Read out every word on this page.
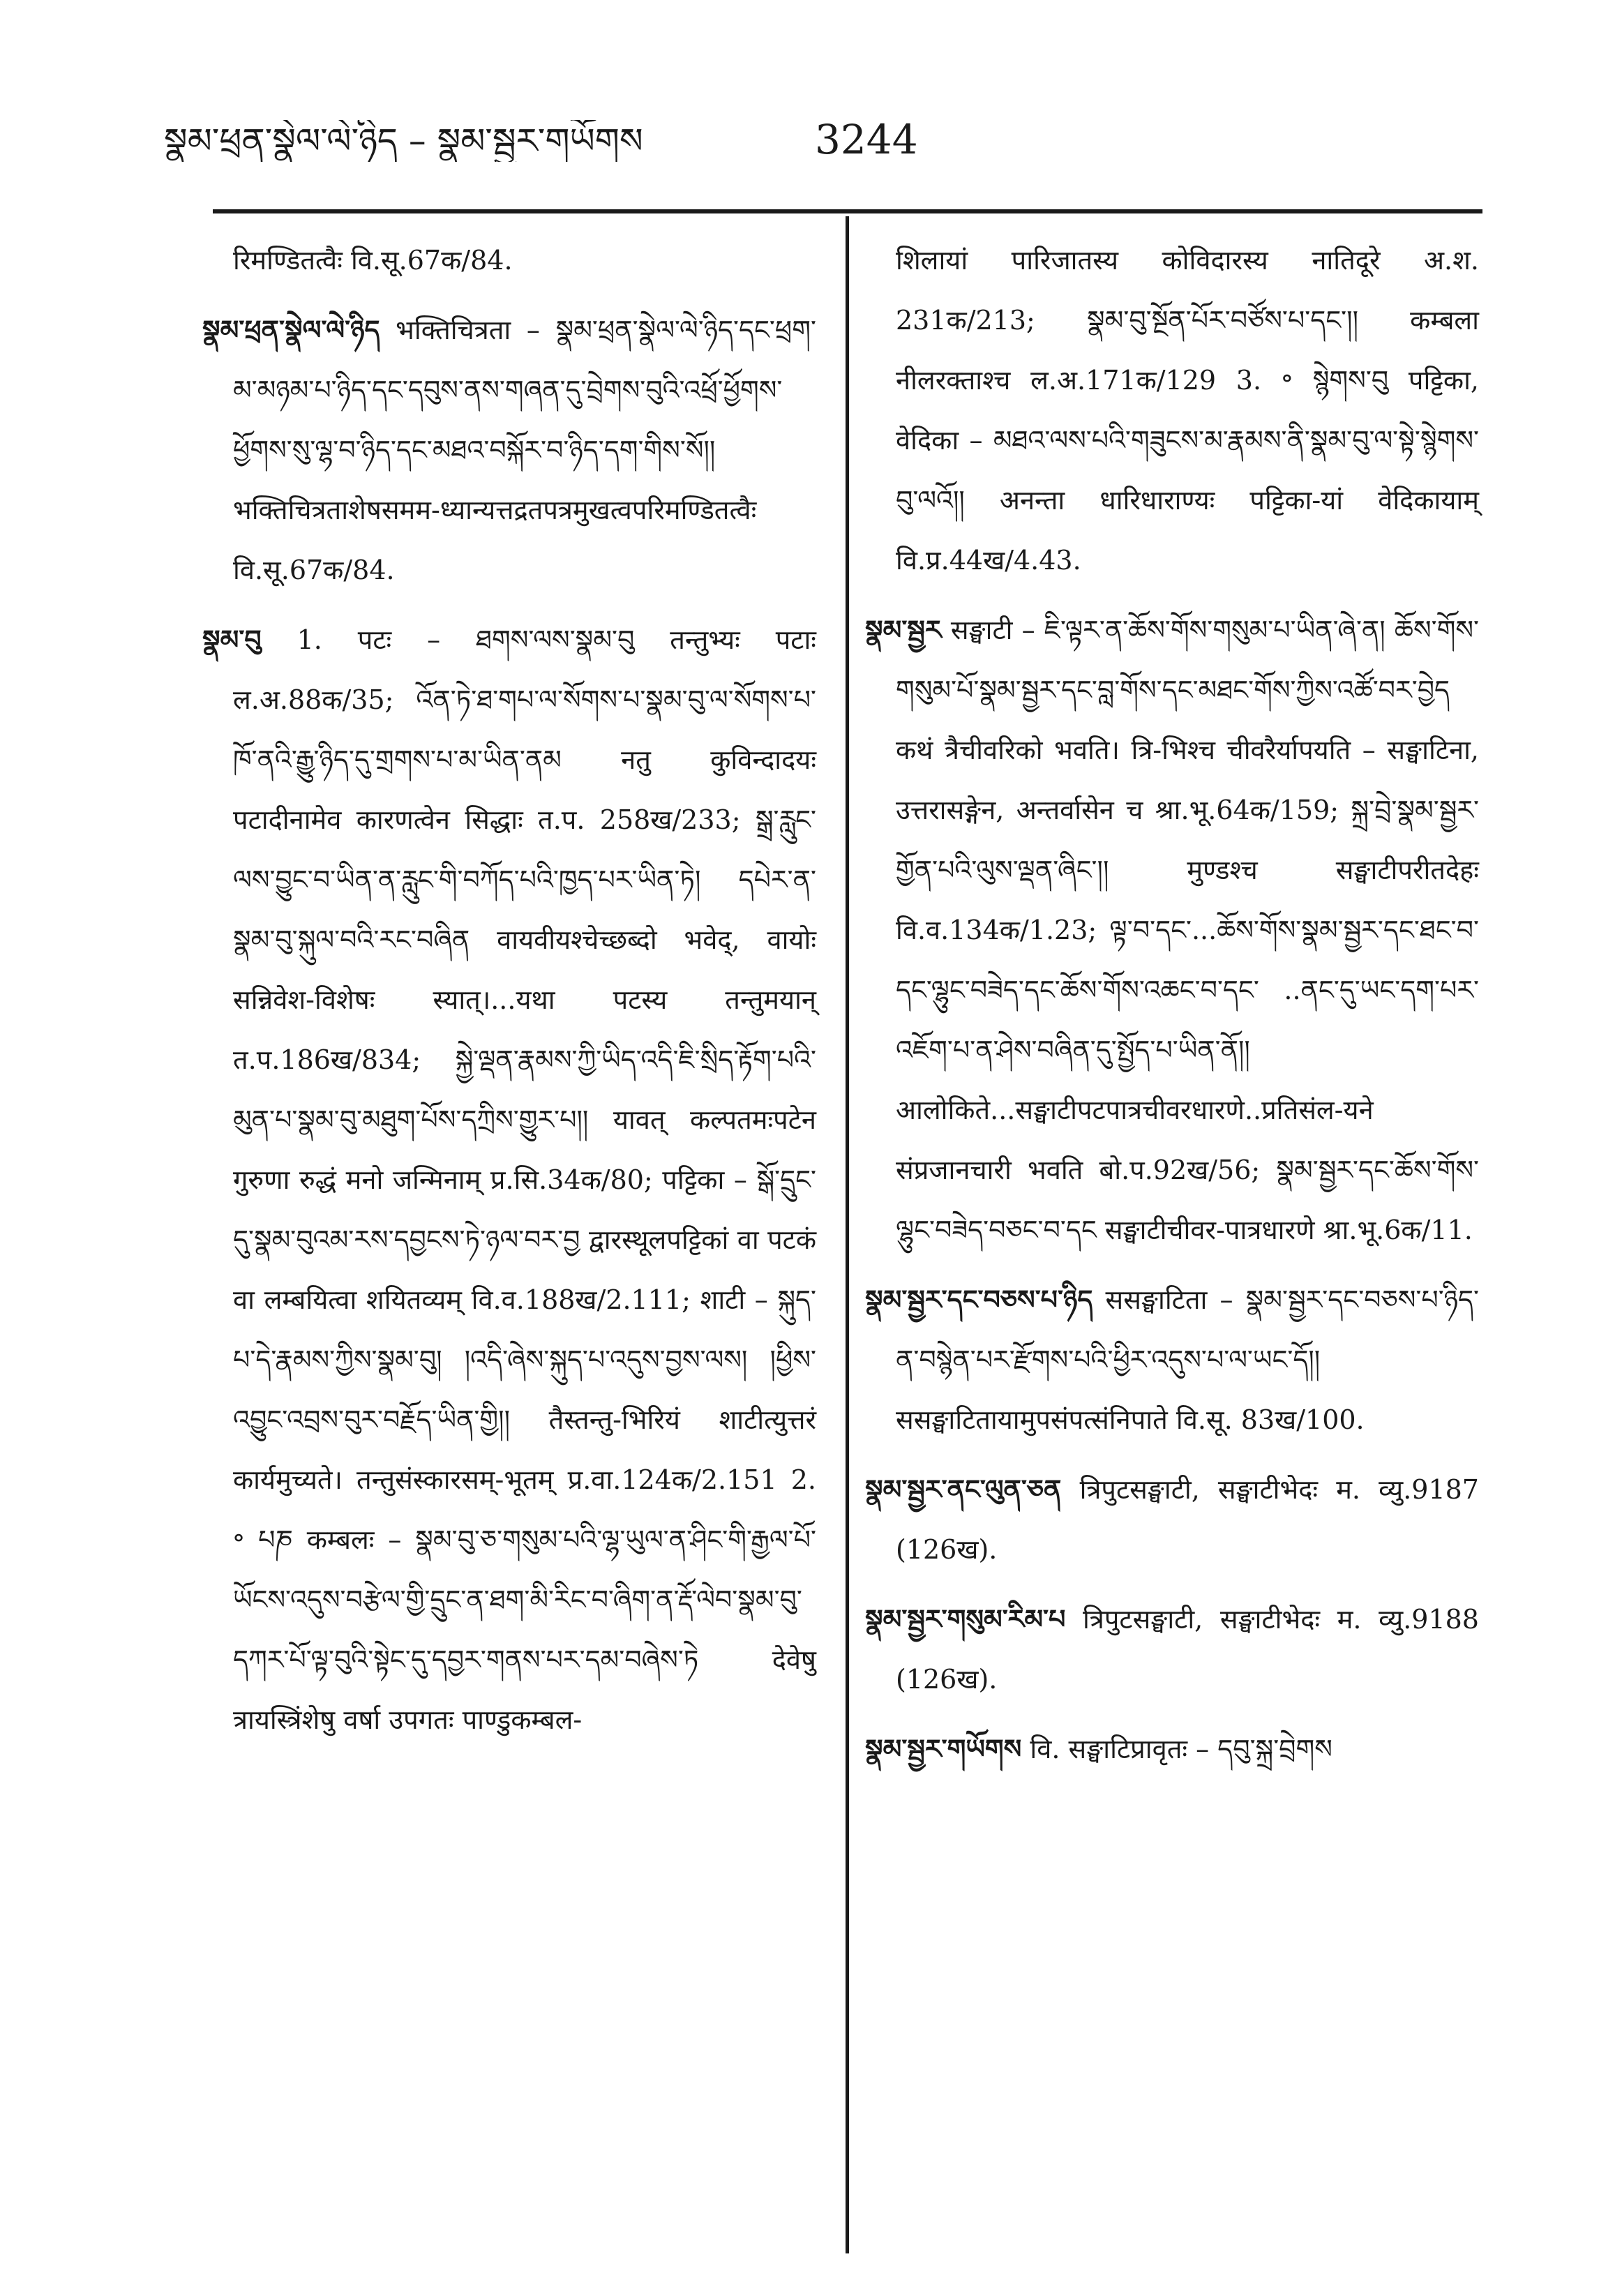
སྣམ་ཕྲན་སྣེལ་ལེ་ཉིད – སྣམ་སྦྱར་གཡོགས	3244

रिमण्डितत्वैः वि.सू.67क/84.

སྣམ་ཕྲན་སྣེལ་ལེ་ཉིད भक्तिचित्रता – སྣམ་ཕྲན་སྣེལ་ལེ་ཉིད་དང་ཕྲག་མ་མཉམ་པ་ཉིད་དང་དབུས་ནས་གཞན་དུ་བྲེགས་བུའི་འཕྲོ་ཕྱོགས་ཕྱོགས་སུ་ལྷ་བ་ཉིད་དང་མཐའ་བསྐོར་བ་ཉིད་དག་གིས་སོ།། भक्तिचित्रताशेषसमम-ध्यान्यत्तद्रतपत्रमुखत्वपरिमण्डितत्वैः वि.सू.67क/84.

སྣམ་བུ 1. पटः – ཐགས་ལས་སྣམ་བུ तन्तुभ्यः पटाः ल.अ.88क/35; འོན་ཏེ་ཐ་གཔ་ལ་སོགས་པ་སྣམ་བུ་ལ་སོགས་པ་ཁོ་ནའི་རྒྱུ་ཉིད་དུ་གྲགས་པ་མ་ཡིན་ནམ नतु कुविन्दादयः पटादीनामेव कारणत्वेन सिद्धाः त.प. 258ख/233; སྒྲ་རླུང་ལས་བྱུང་བ་ཡིན་ན་རླུང་གི་བཀོད་པའི་ཁྱད་པར་ཡིན་ཏེ། དཔེར་ན་སྣམ་བུ་སྐུལ་བའི་རང་བཞིན वायवीयश्चेच्छब्दो भवेद्, वायोः सन्निवेश-विशेषः स्यात्।...यथा पटस्य तन्तुमयान् त.प.186ख/834; སྐྱེ་ལྡན་རྣམས་ཀྱི་ཡིད་འདི་ཇི་སྲིད་རྟོག་པའི་མུན་པ་སྣམ་བུ་མཐུག་པོས་དཀྲིས་གྱུར་པ།། यावत् कल्पतमःपटेन गुरुणा रुद्धं मनो जन्मिनाम् प्र.सि.34क/80; पट्टिका – སྒོ་དྲུང་དུ་སྣམ་བུའམ་རས་དབྱངས་ཏེ་ཉལ་བར་བྱ द्वारस्थूलपट्टिकां वा पटकं वा लम्बयित्वा शयितव्यम् वि.व.188ख/2.111; शाटी – སྐུད་པ་དེ་རྣམས་ཀྱིས་སྣམ་བུ། །འདི་ཞེས་སྐུད་པ་འདུས་བྱས་ལས། །ཕྱིས་འབྱུང་འབྲས་བུར་བརྗོད་ཡིན་གྱི།། तैस्तन्तु-भिरियं शाटीत्युत्तरं कार्यमुच्यते। तन्तुसंस्कारसम्-भूतम् प्र.वा.124क/2.151 2. ॰ པཎ कम्बलः – སྣམ་བུ་ཅ་གསུམ་པའི་ལྷ་ཡུལ་ན་ཤིང་གི་རྒྱལ་པོ་ཡོངས་འདུས་བརྩེལ་གྱི་དྲུང་ན་ཐག་མི་རིང་བ་ཞིག་ན་རྡོ་ལེབ་སྣམ་བུ་དཀར་པོ་ལྟ་བུའི་སྟེང་དུ་དབྱར་གནས་པར་དམ་བཞེས་ཏེ देवेषु त्रायस्त्रिंशेषु वर्षा उपगतः पाण्डुकम्बल-

शिलायां पारिजातस्य कोविदारस्य नातिदूरे अ.श. 231क/213; སྣམ་བུ་སྔོན་པོར་བཙོས་པ་དང་།། कम्बला नीलरक्ताश्च ल.अ.171क/129 3. ॰ སྙེགས་བུ पट्टिका, वेदिका – མཐའ་ལས་པའི་གཟུངས་མ་རྣམས་ནི་སྣམ་བུ་ལ་སྟེ་སྙེགས་བུ་ལའོ།། अनन्ता धारिधाराण्यः पट्टिका-यां वेदिकायाम् वि.प्र.44ख/4.43.

སྣམ་སྦྱར सङ्घाटी – ཇི་ལྟར་ན་ཆོས་གོས་གསུམ་པ་ཡིན་ཞེ་ན། ཆོས་གོས་གསུམ་པོ་སྣམ་སྦྱར་དང་བླ་གོས་དང་མཐང་གོས་ཀྱིས་འཚོ་བར་བྱེད कथं त्रैचीवरिको भवति। त्रि-भिश्च चीवरैर्यापयति – सङ्घाटिना, उत्तरासङ्गेन, अन्तर्वासेन च श्रा.भू.64क/159; སྐྲ་བྲེ་སྣམ་སྦྱར་གྱོན་པའི་ལུས་ལྡན་ཞིང་།། मुण्डश्च सङ्घाटीपरीतदेहः वि.व.134क/1.23; ལྟ་བ་དང་...ཆོས་གོས་སྣམ་སྦྱར་དང་ཐང་བ་དང་ལྷུང་བཟེད་དང་ཆོས་གོས་འཆང་བ་དང་ ..ནང་དུ་ཡང་དག་པར་འཇོག་པ་ན་ཤེས་བཞིན་དུ་སྤྱོད་པ་ཡིན་ནོ།། आलोकिते...सङ्घाटीपटपात्रचीवरधारणे..प्रतिसंल-यने संप्रजानचारी भवति बो.प.92ख/56; སྣམ་སྦྱར་དང་ཆོས་གོས་ལྷུང་བཟེད་བཅང་བ་དང सङ्घाटीचीवर-पात्रधारणे श्रा.भू.6क/11.

སྣམ་སྦྱར་དང་བཅས་པ་ཉིད ससङ्घाटिता – སྣམ་སྦྱར་དང་བཅས་པ་ཉིད་ན་བསྙེན་པར་རྫོགས་པའི་ཕྱིར་འདུས་པ་ལ་ཡང་དོ།། ससङ्घाटितायामुपसंपत्संनिपाते वि.सू. 83ख/100.

སྣམ་སྦྱར་ནང་ལུན་ཅན त्रिपुटसङ्घाटी, सङ्घाटीभेदः म. व्यु.9187 (126ख).

སྣམ་སྦྱར་གསུམ་རིམ་པ त्रिपुटसङ्घाटी, सङ्घाटीभेदः म. व्यु.9188 (126ख).

སྣམ་སྦྱར་གཡོགས वि. सङ्घाटिप्रावृतः – དབུ་སྐྲ་བྲེགས
